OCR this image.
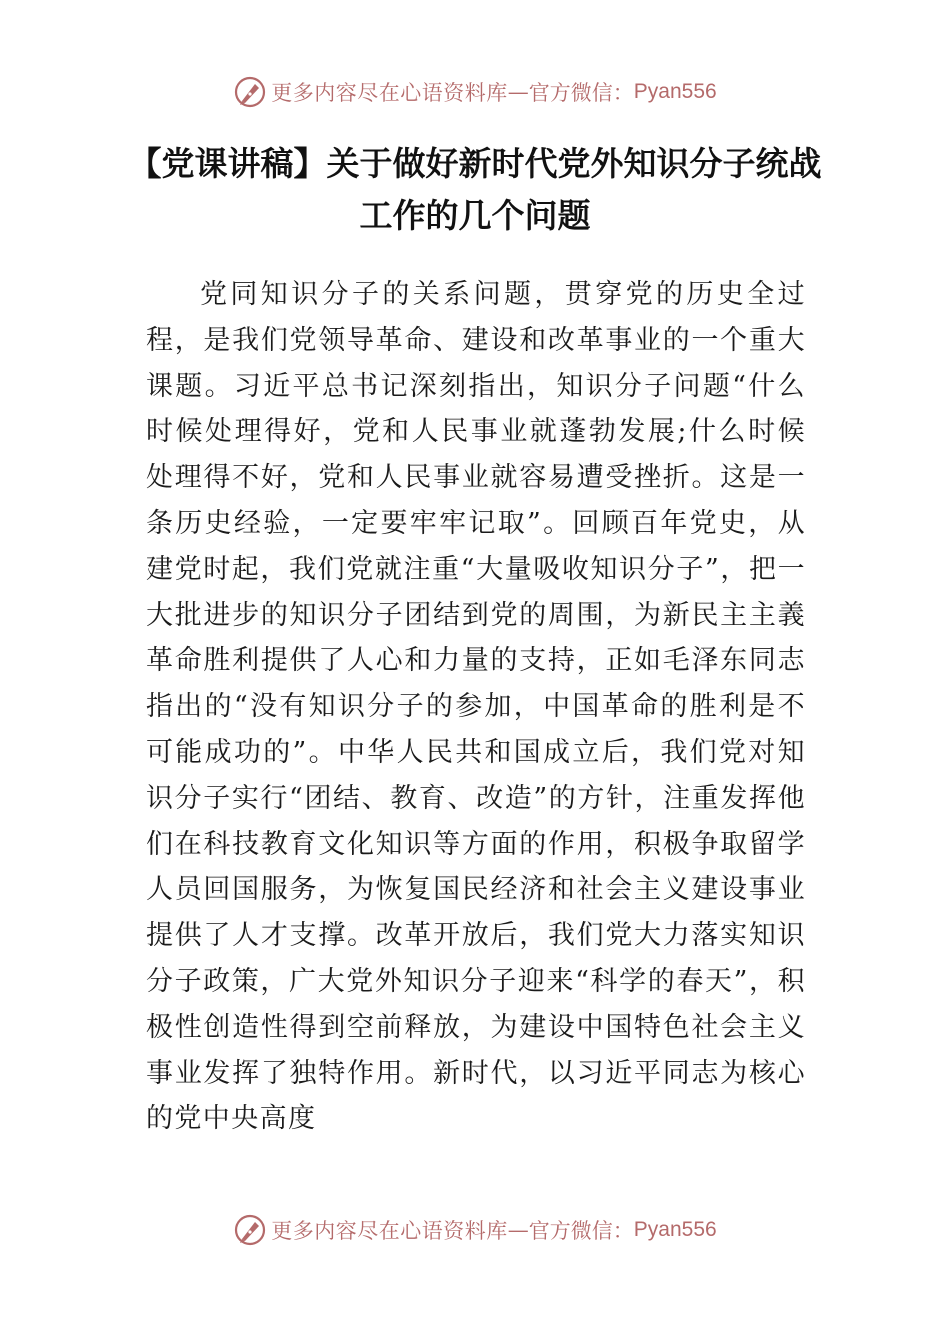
更多内容尽在心语资料库 — 官方微信： Pyan556
【党课讲稿】关于做好新时代党外知识分子统战工作的几个问题
党同知识分子的关系问题，贯穿党的历史全过程，是我们党领导革命、建设和改革事业的一个重大课题。习近平总书记深刻指出，知识分子问题“什么时候处理得好，党和人民事业就蓬勃发展;什么时候处理得不好，党和人民事业就容易遭受挫折。这是一条历史经验，一定要牢牢记取”。回顾百年党史，从建党时起，我们党就注重“大量吸收知识分子”，把一大批进步的知识分子团结到党的周围，为新民主主義革命胜利提供了人心和力量的支持，正如毛泽东同志指出的“没有知识分子的参加，中国革命的胜利是不可能成功的”。中华人民共和国成立后，我们党对知识分子实行“团结、教育、改造”的方针，注重发挥他们在科技教育文化知识等方面的作用，积极争取留学人员回国服务，为恢复国民经济和社会主义建设事业提供了人才支撑。改革开放后，我们党大力落实知识分子政策，广大党外知识分子迎来“科学的春天”，积极性创造性得到空前释放，为建设中国特色社会主义事业发挥了独特作用。新时代，以习近平同志为核心的党中央高度
更多内容尽在心语资料库 — 官方微信： Pyan556
